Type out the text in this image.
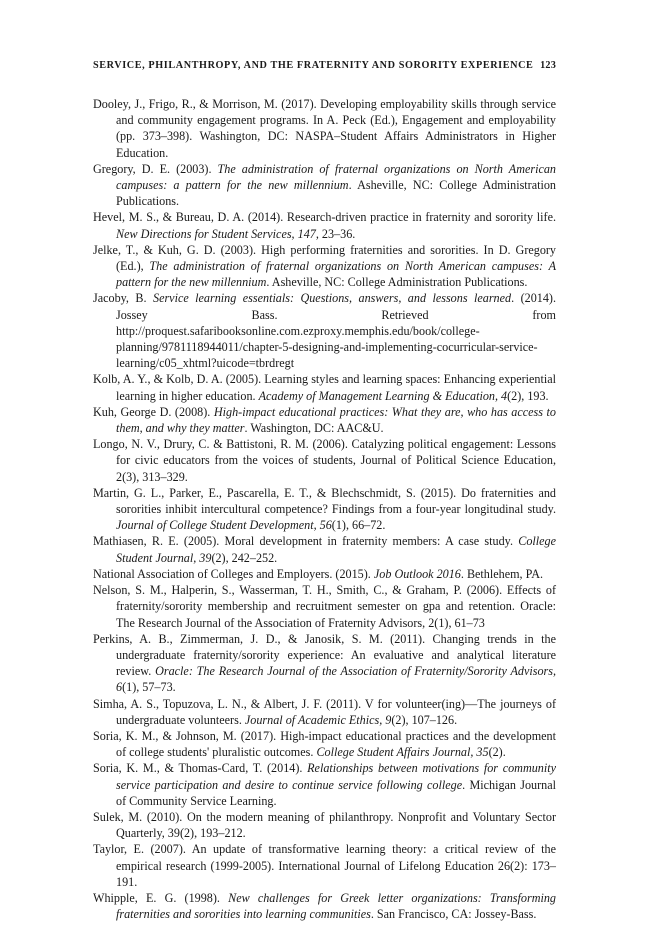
SERVICE, PHILANTHROPY, AND THE FRATERNITY AND SORORITY EXPERIENCE 123

Dooley, J., Frigo, R., & Morrison, M. (2017). Developing employability skills through service and community engagement programs. In A. Peck (Ed.), Engagement and employability (pp. 373–398). Washington, DC: NASPA–Student Affairs Administrators in Higher Education.

Gregory, D. E. (2003). The administration of fraternal organizations on North American campuses: a pattern for the new millennium. Asheville, NC: College Administration Publications.

Hevel, M. S., & Bureau, D. A. (2014). Research-driven practice in fraternity and sorority life. New Directions for Student Services, 147, 23–36.

Jelke, T., & Kuh, G. D. (2003). High performing fraternities and sororities. In D. Gregory (Ed.), The administration of fraternal organizations on North American campuses: A pattern for the new millennium. Asheville, NC: College Administration Publications.

Jacoby, B. Service learning essentials: Questions, answers, and lessons learned. (2014). Jossey Bass. Retrieved from http://proquest.safaribooksonline.com.ezproxy.memphis.edu/book/college-planning/9781118944011/chapter-5-designing-and-implementing-cocurricular-service-learning/c05_xhtml?uicode=tbrdregt

Kolb, A. Y., & Kolb, D. A. (2005). Learning styles and learning spaces: Enhancing experiential learning in higher education. Academy of Management Learning & Education, 4(2), 193.

Kuh, George D. (2008). High-impact educational practices: What they are, who has access to them, and why they matter. Washington, DC: AAC&U.

Longo, N. V., Drury, C. & Battistoni, R. M. (2006). Catalyzing political engagement: Lessons for civic educators from the voices of students, Journal of Political Science Education, 2(3), 313–329.

Martin, G. L., Parker, E., Pascarella, E. T., & Blechschmidt, S. (2015). Do fraternities and sororities inhibit intercultural competence? Findings from a four-year longitudinal study. Journal of College Student Development, 56(1), 66–72.

Mathiasen, R. E. (2005). Moral development in fraternity members: A case study. College Student Journal, 39(2), 242–252.

National Association of Colleges and Employers. (2015). Job Outlook 2016. Bethlehem, PA.

Nelson, S. M., Halperin, S., Wasserman, T. H., Smith, C., & Graham, P. (2006). Effects of fraternity/sorority membership and recruitment semester on gpa and retention. Oracle: The Research Journal of the Association of Fraternity Advisors, 2(1), 61–73

Perkins, A. B., Zimmerman, J. D., & Janosik, S. M. (2011). Changing trends in the undergraduate fraternity/sorority experience: An evaluative and analytical literature review. Oracle: The Research Journal of the Association of Fraternity/Sorority Advisors, 6(1), 57–73.

Simha, A. S., Topuzova, L. N., & Albert, J. F. (2011). V for volunteer(ing)—The journeys of undergraduate volunteers. Journal of Academic Ethics, 9(2), 107–126.

Soria, K. M., & Johnson, M. (2017). High-impact educational practices and the development of college students' pluralistic outcomes. College Student Affairs Journal, 35(2).

Soria, K. M., & Thomas-Card, T. (2014). Relationships between motivations for community service participation and desire to continue service following college. Michigan Journal of Community Service Learning.

Sulek, M. (2010). On the modern meaning of philanthropy. Nonprofit and Voluntary Sector Quarterly, 39(2), 193–212.

Taylor, E. (2007). An update of transformative learning theory: a critical review of the empirical research (1999-2005). International Journal of Lifelong Education 26(2): 173–191.

Whipple, E. G. (1998). New challenges for Greek letter organizations: Transforming fraternities and sororities into learning communities. San Francisco, CA: Jossey-Bass.
